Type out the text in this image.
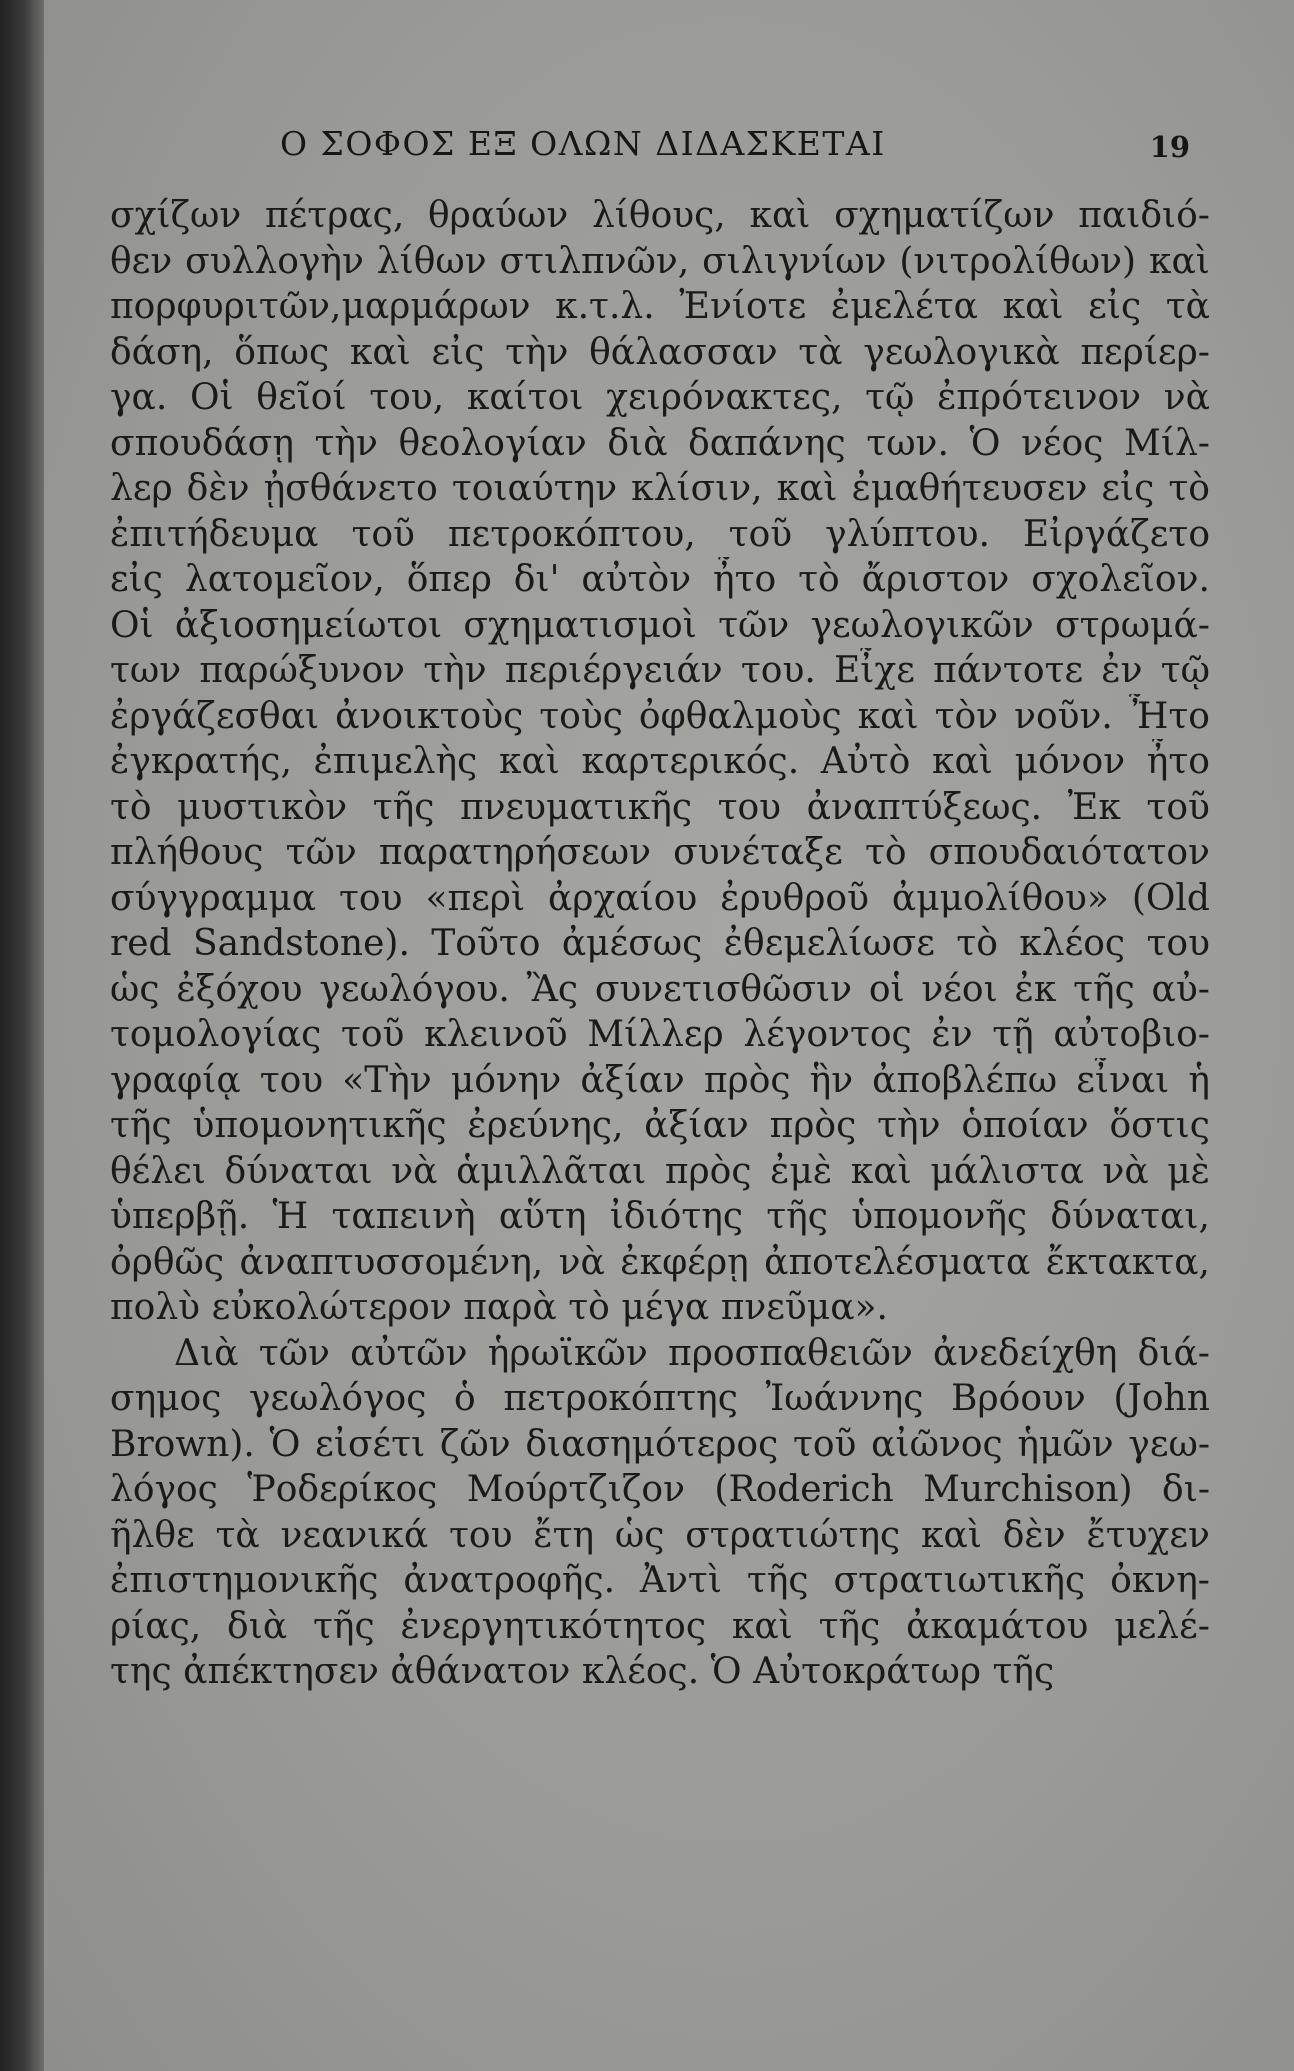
Ο ΣΟΦΟΣ ΕΞ ΟΛΩΝ ΔΙΔΑΣΚΕΤΑΙ	19
σχίζων πέτρας, θραύων λίθους, καὶ σχηματίζων παιδιό-
θεν συλλογὴν λίθων στιλπνῶν, σιλιγνίων (νιτρολίθων) καὶ
πορφυριτῶν,μαρμάρων κ.τ.λ. Ἐνίοτε ἐμελέτα καὶ εἰς τὰ
δάση, ὅπως καὶ εἰς τὴν θάλασσαν τὰ γεωλογικὰ περίερ-
γα. Οἱ θεῖοί του, καίτοι χειρόνακτες, τῷ ἐπρότεινον νὰ
σπουδάσῃ τὴν θεολογίαν διὰ δαπάνης των. Ὁ νέος Μίλ-
λερ δὲν ᾐσθάνετο τοιαύτην κλίσιν, καὶ ἐμαθήτευσεν εἰς τὸ
ἐπιτήδευμα τοῦ πετροκόπτου, τοῦ γλύπτου. Εἰργάζετο
εἰς λατομεῖον, ὅπερ δι' αὐτὸν ἦτο τὸ ἄριστον σχολεῖον.
Οἱ ἀξιοσημείωτοι σχηματισμοὶ τῶν γεωλογικῶν στρωμά-
των παρώξυνον τὴν περιέργειάν του. Εἶχε πάντοτε ἐν τῷ
ἐργάζεσθαι ἀνοικτοὺς τοὺς ὀφθαλμοὺς καὶ τὸν νοῦν. Ἦτο
ἐγκρατής, ἐπιμελὴς καὶ καρτερικός. Αὐτὸ καὶ μόνον ἦτο
τὸ μυστικὸν τῆς πνευματικῆς του ἀναπτύξεως. Ἐκ τοῦ
πλήθους τῶν παρατηρήσεων συνέταξε τὸ σπουδαιότατον
σύγγραμμα του «περὶ ἀρχαίου ἐρυθροῦ ἀμμολίθου» (Old
red Sandstone). Τοῦτο ἀμέσως ἐθεμελίωσε τὸ κλέος του
ὡς ἐξόχου γεωλόγου. Ἂς συνετισθῶσιν οἱ νέοι ἐκ τῆς αὐ-
τομολογίας τοῦ κλεινοῦ Μίλλερ λέγοντος ἐν τῇ αὐτοβιο-
γραφίᾳ του «Τὴν μόνην ἀξίαν πρὸς ἣν ἀποβλέπω εἶναι ἡ
τῆς ὑπομονητικῆς ἐρεύνης, ἀξίαν πρὸς τὴν ὁποίαν ὅστις
θέλει δύναται νὰ ἁμιλλᾶται πρὸς ἐμὲ καὶ μάλιστα νὰ μὲ
ὑπερβῇ. Ἡ ταπεινὴ αὕτη ἰδιότης τῆς ὑπομονῆς δύναται,
ὀρθῶς ἀναπτυσσομένη, νὰ ἐκφέρῃ ἀποτελέσματα ἔκτακτα,
πολὺ εὐκολώτερον παρὰ τὸ μέγα πνεῦμα».
Διὰ τῶν αὐτῶν ἡρωϊκῶν προσπαθειῶν ἀνεδείχθη διά-
σημος γεωλόγος ὁ πετροκόπτης Ἰωάννης Βρόουν (John
Brown). Ὁ εἰσέτι ζῶν διασημότερος τοῦ αἰῶνος ἡμῶν γεω-
λόγος Ῥοδερίκος Μούρτζιζον (Roderich Murchison) δι-
ῆλθε τὰ νεανικά του ἔτη ὡς στρατιώτης καὶ δὲν ἔτυχεν
ἐπιστημονικῆς ἀνατροφῆς. Ἀντὶ τῆς στρατιωτικῆς ὀκνη-
ρίας, διὰ τῆς ἐνεργητικότητος καὶ τῆς ἀκαμάτου μελέ-
της ἀπέκτησεν ἀθάνατον κλέος. Ὁ Αὐτοκράτωρ τῆς
